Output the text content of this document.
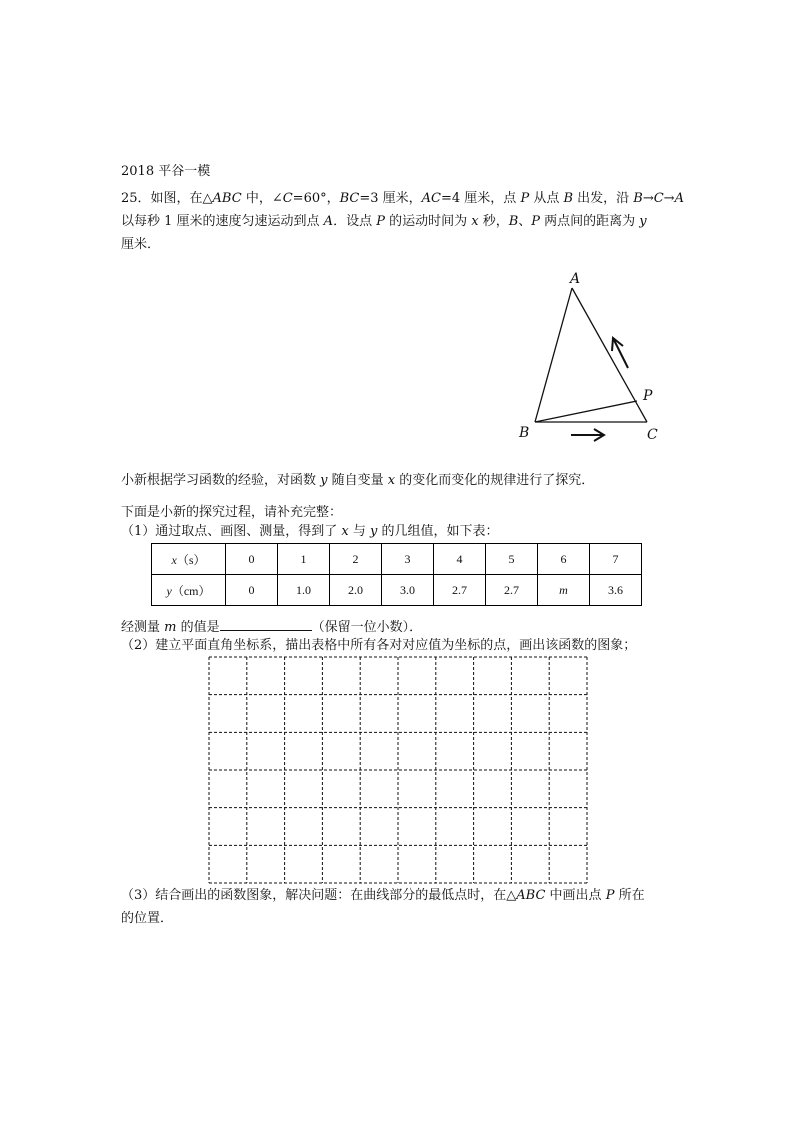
2018 平谷一模
25．如图，在△ABC 中，∠C=60°，BC=3 厘米，AC=4 厘米，点 P 从点 B 出发，沿 B→C→A
以每秒 1 厘米的速度匀速运动到点 A．设点 P 的运动时间为 x 秒，B、P 两点间的距离为 y
厘米．
A
B	C
P
小新根据学习函数的经验，对函数 y 随自变量 x 的变化而变化的规律进行了探究．
下面是小新的探究过程，请补充完整：
（1）通过取点、画图、测量，得到了 x 与 y 的几组值，如下表：
x（s）	0	1	2	3	4	5	6	7
y（cm）	0	1.0	2.0	3.0	2.7	2.7	m	3.6
经测量 m 的值是	（保留一位小数）．
（2）建立平面直角坐标系，描出表格中所有各对对应值为坐标的点，画出该函数的图象；
（3）结合画出的函数图象，解决问题：在曲线部分的最低点时，在△ABC 中画出点 P 所在
的位置．
